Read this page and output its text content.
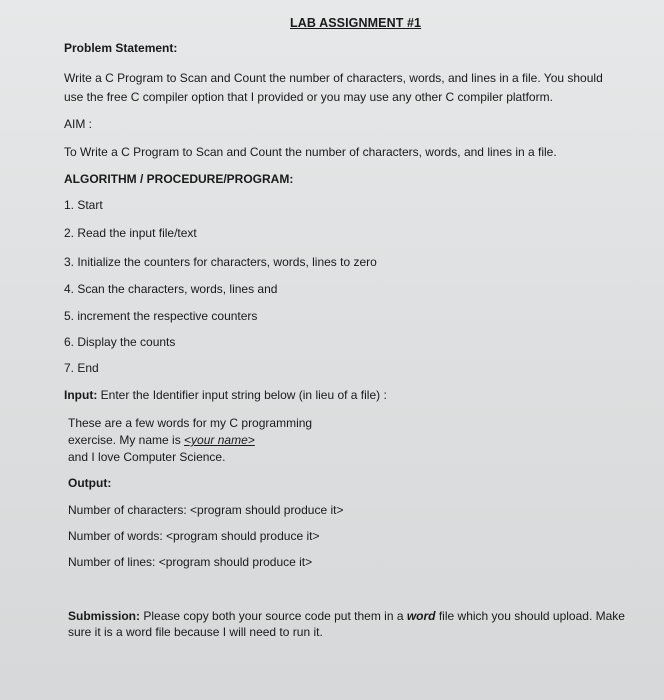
LAB ASSIGNMENT #1
Problem Statement:
Write a C Program to Scan and Count the number of characters, words, and lines in a file. You should
use the free C compiler option that I provided or you may use any other C compiler platform.
AIM :
To Write a C Program to Scan and Count the number of characters, words, and lines in a file.
ALGORITHM / PROCEDURE/PROGRAM:
1. Start
2. Read the input file/text
3. Initialize the counters for characters, words, lines to zero
4. Scan the characters, words, lines and
5. increment the respective counters
6. Display the counts
7. End
Input: Enter the Identifier input string below (in lieu of a file) :
These are a few words for my C programming
exercise. My name is <your name>
and I love Computer Science.
Output:
Number of characters: <program should produce it>
Number of words: <program should produce it>
Number of lines: <program should produce it>
Submission: Please copy both your source code put them in a word file which you should upload. Make
sure it is a word file because I will need to run it.
